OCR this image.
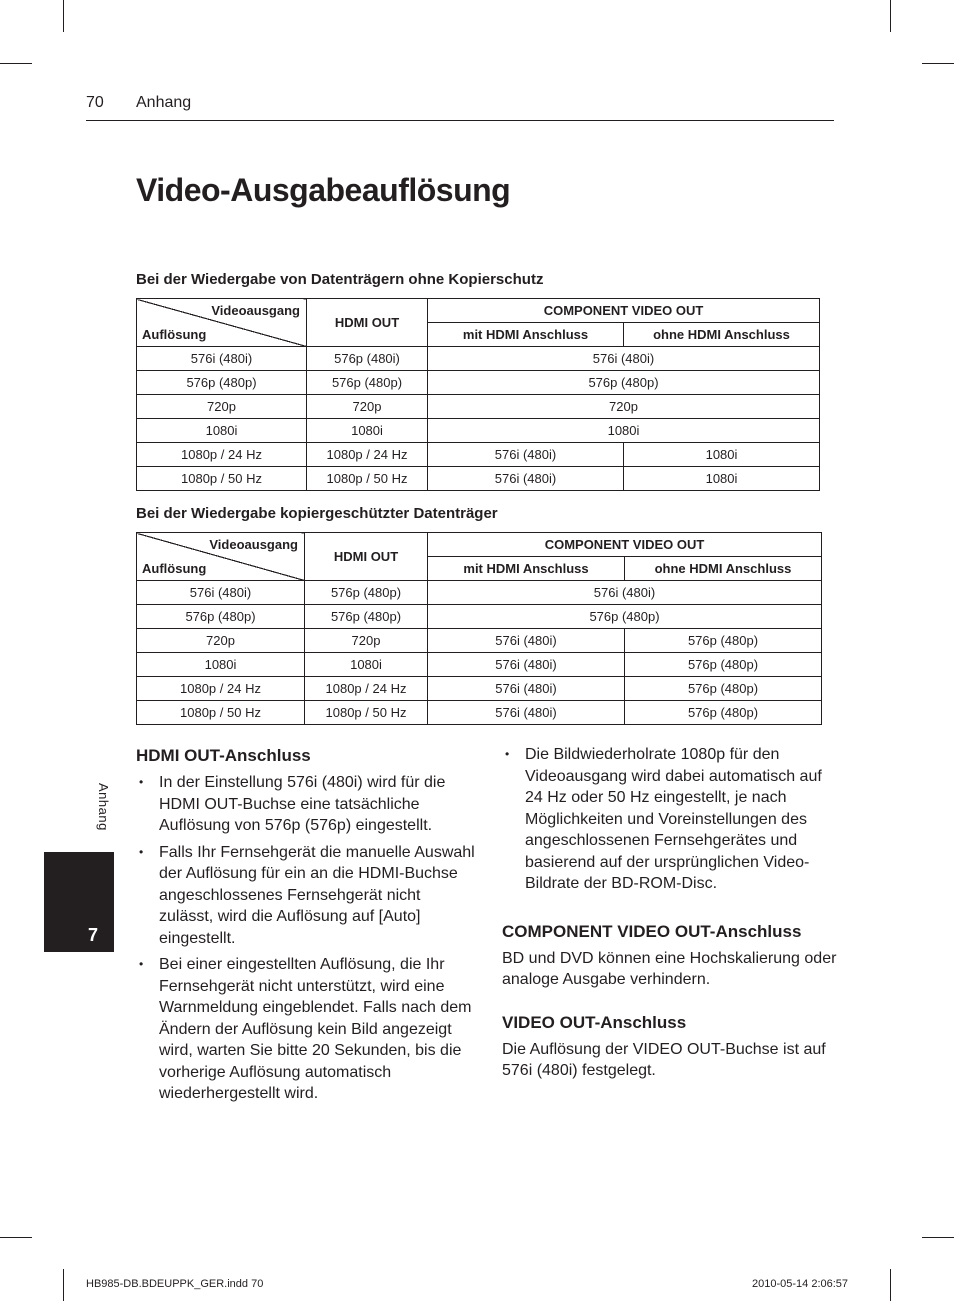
70 Anhang
Video-Ausgabeauflösung

Bei der Wiedergabe von Datenträgern ohne Kopierschutz

Videoausgang
Auflösung	HDMI OUT	COMPONENT VIDEO OUT	
		mit HDMI Anschluss	ohne HDMI Anschluss
576i (480i)	576p (480i)	576i (480i)	
576p (480p)	576p (480p)	576p (480p)	
720p	720p	720p	
1080i	1080i	1080i	
1080p / 24 Hz	1080p / 24 Hz	576i (480i)	1080i
1080p / 50 Hz	1080p / 50 Hz	576i (480i)	1080i

Bei der Wiedergabe kopiergeschützter Datenträger

Videoausgang
Auflösung	HDMI OUT	COMPONENT VIDEO OUT	
		mit HDMI Anschluss	ohne HDMI Anschluss
576i (480i)	576p (480p)	576i (480i)	
576p (480p)	576p (480p)	576p (480p)	
720p	720p	576i (480i)	576p (480p)
1080i	1080i	576i (480i)	576p (480p)
1080p / 24 Hz	1080p / 24 Hz	576i (480i)	576p (480p)
1080p / 50 Hz	1080p / 50 Hz	576i (480i)	576p (480p)
HDMI OUT-Anschluss
• In der Einstellung 576i (480i) wird für die HDMI OUT-Buchse eine tatsächliche Auflösung von 576p (576p) eingestellt.
• Falls Ihr Fernsehgerät die manuelle Auswahl der Auflösung für ein an die HDMI-Buchse angeschlossenes Fernsehgerät nicht zulässt, wird die Auflösung auf [Auto] eingestellt.
• Bei einer eingestellten Auflösung, die Ihr Fernsehgerät nicht unterstützt, wird eine Warnmeldung eingeblendet. Falls nach dem Ändern der Auflösung kein Bild angezeigt wird, warten Sie bitte 20 Sekunden, bis die vorherige Auflösung automatisch wiederhergestellt wird.
• Die Bildwiederholrate 1080p für den Videoausgang wird dabei automatisch auf 24 Hz oder 50 Hz eingestellt, je nach Möglichkeiten und Voreinstellungen des angeschlossenen Fernsehgerätes und basierend auf der ursprünglichen Video-Bildrate der BD-ROM-Disc.
COMPONENT VIDEO OUT-Anschluss

BD und DVD können eine Hochskalierung oder analoge Ausgabe verhindern.

VIDEO OUT-Anschluss

Die Auflösung der VIDEO OUT-Buchse ist auf 576i (480i) festgelegt.

Anhang
7
HB985-DB.BDEUPPK_GER.indd 70	2010-05-14 2:06:57
